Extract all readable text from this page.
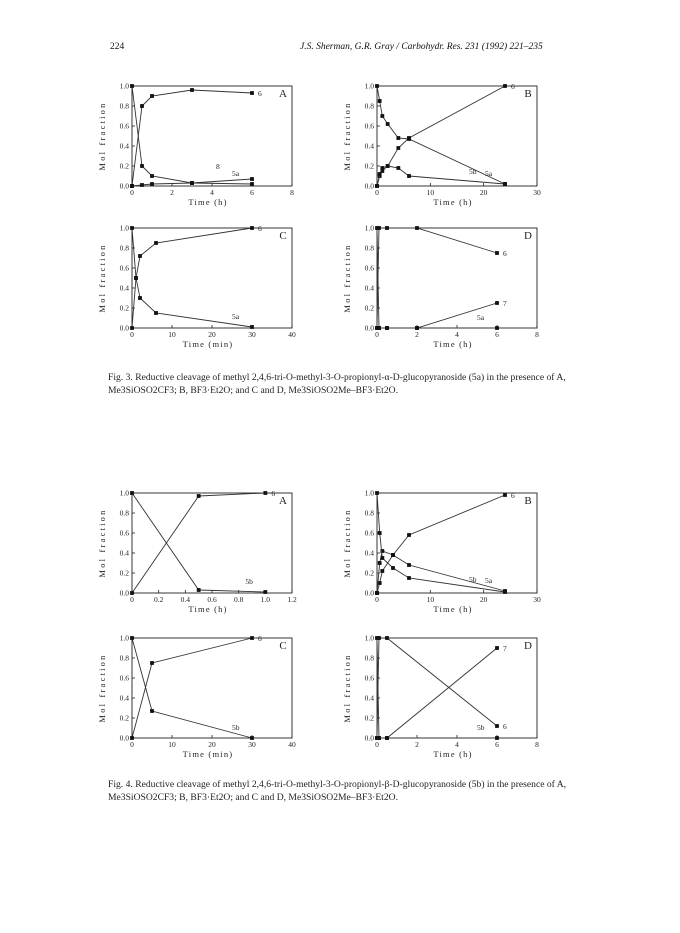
224	J.S. Sherman, G.R. Gray / Carbohydr. Res. 231 (1992) 221–235
0.0
0.2
0.4
0.6
0.8
1.0
0	2	4	6	8
Time (h)
Mol fraction
A
6
5a
8
0.0
0.2
0.4
0.6
0.8
1.0
0	10	20	30
Time (h)
Mol fraction
B
6
5a
5b
0.0
0.2
0.4
0.6
0.8
1.0
0	10	20	30	40
Time (min)
Mol fraction
C
6
5a
0.0
0.2
0.4
0.6
0.8
1.0
0	2	4	6	8
Time (h)
Mol fraction
D
6
5a
7
Fig. 3. Reductive cleavage of methyl 2,4,6-tri-O-methyl-3-O-propionyl-α-D-glucopyranoside (5a) in the presence of A, Me3SiOSO2CF3; B, BF3·Et2O; and C and D, Me3SiOSO2Me–BF3·Et2O.
0.0
0.2
0.4
0.6
0.8
1.0
0	0.2 0.4 0.6 0.8 1.0 1.2
Time (h)
Mol fraction
A
6
5b
0.0
0.2
0.4
0.6
0.8
1.0
0	10	20	30
Time (h)
Mol fraction
B
6
5a
5b
0.0
0.2
0.4
0.6
0.8
1.0
0	10	20	30	40
Time (min)
Mol fraction
C
6
5b
0.0
0.2
0.4
0.6
0.8
1.0
0	2	4	6	8
Time (h)
Mol fraction
D
6
5b
7
Fig. 4. Reductive cleavage of methyl 2,4,6-tri-O-methyl-3-O-propionyl-β-D-glucopyranoside (5b) in the presence of A, Me3SiOSO2CF3; B, BF3·Et2O; and C and D, Me3SiOSO2Me–BF3·Et2O.
